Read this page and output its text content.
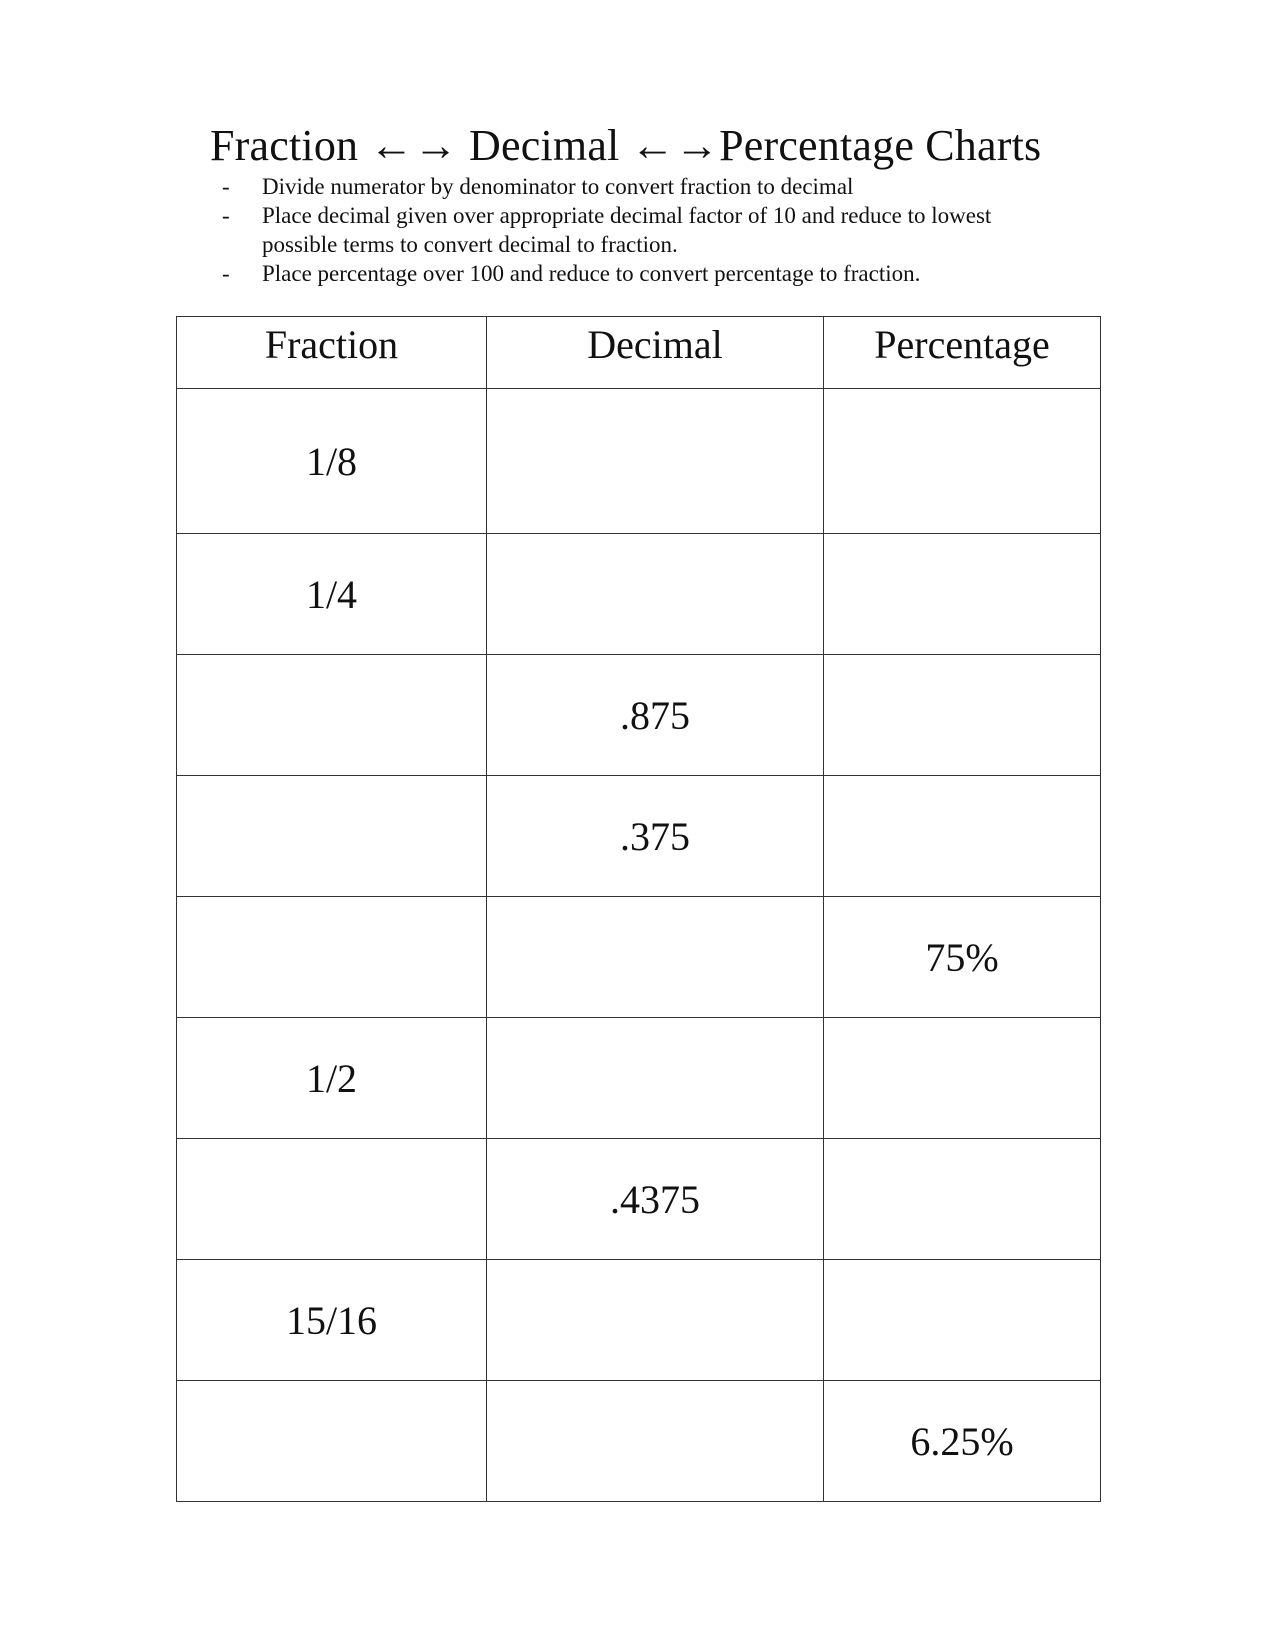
Fraction ←→ Decimal ←→Percentage Charts
- Divide numerator by denominator to convert fraction to decimal
- Place decimal given over appropriate decimal factor of 10 and reduce to lowest possible terms to convert decimal to fraction.
- Place percentage over 100 and reduce to convert percentage to fraction.
Fraction	Decimal	Percentage
1/8		
1/4		
	.875	
	.375	
		75%
1/2		
	.4375	
15/16		
		6.25%
